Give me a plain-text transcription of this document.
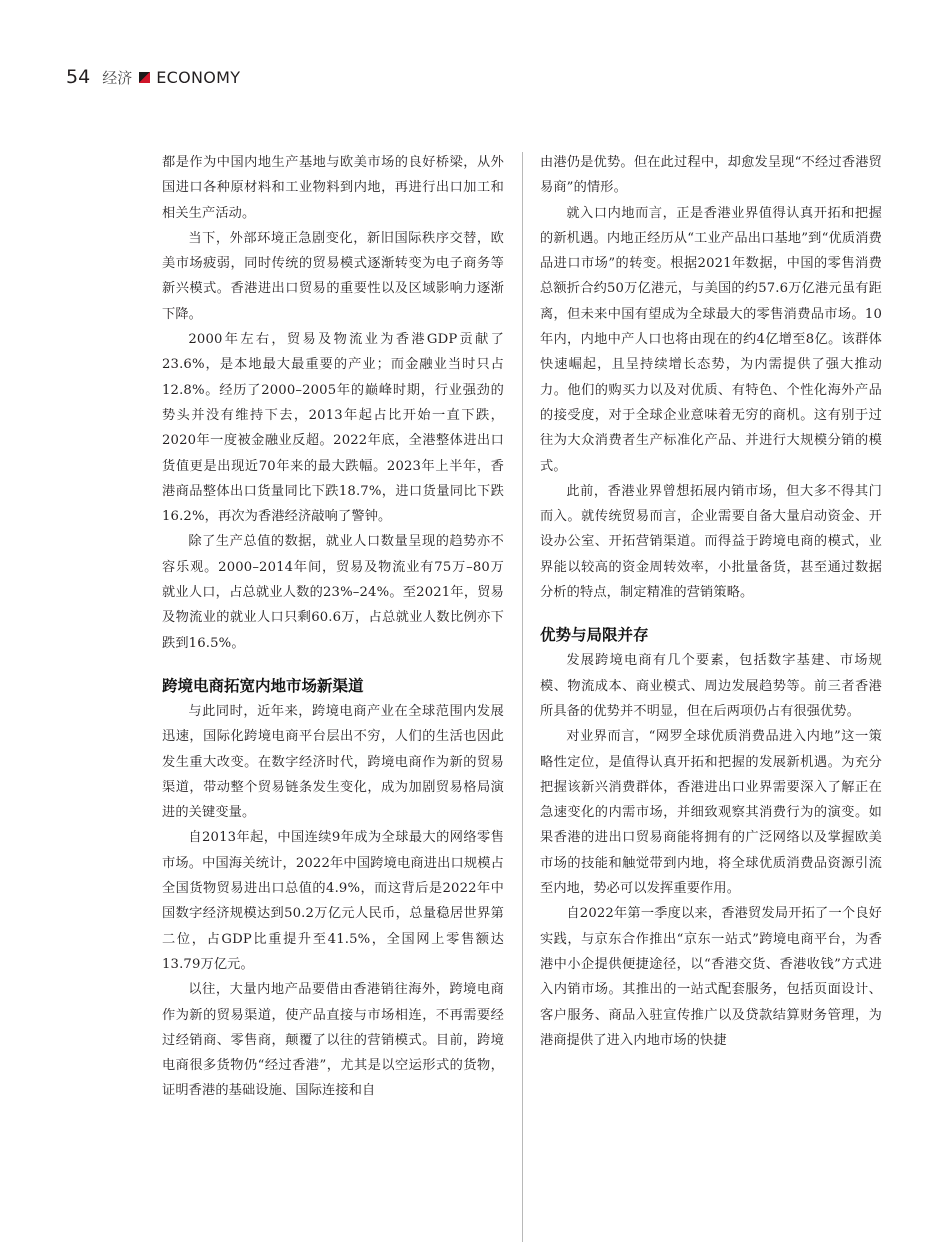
54 经济 ECONOMY

都是作为中国内地生产基地与欧美市场的良好桥梁，从外国进口各种原材料和工业物料到内地，再进行出口加工和相关生产活动。

当下，外部环境正急剧变化，新旧国际秩序交替，欧美市场疲弱，同时传统的贸易模式逐渐转变为电子商务等新兴模式。香港进出口贸易的重要性以及区域影响力逐渐下降。

2000年左右，贸易及物流业为香港GDP贡献了23.6%，是本地最大最重要的产业；而金融业当时只占12.8%。经历了2000–2005年的巅峰时期，行业强劲的势头并没有维持下去，2013年起占比开始一直下跌，2020年一度被金融业反超。2022年底，全港整体进出口货值更是出现近70年来的最大跌幅。2023年上半年，香港商品整体出口货量同比下跌18.7%，进口货量同比下跌16.2%，再次为香港经济敲响了警钟。

除了生产总值的数据，就业人口数量呈现的趋势亦不容乐观。2000–2014年间，贸易及物流业有75万–80万就业人口，占总就业人数的23%–24%。至2021年，贸易及物流业的就业人口只剩60.6万，占总就业人数比例亦下跌到16.5%。

跨境电商拓宽内地市场新渠道

与此同时，近年来，跨境电商产业在全球范围内发展迅速，国际化跨境电商平台层出不穷，人们的生活也因此发生重大改变。在数字经济时代，跨境电商作为新的贸易渠道，带动整个贸易链条发生变化，成为加剧贸易格局演进的关键变量。

自2013年起，中国连续9年成为全球最大的网络零售市场。中国海关统计，2022年中国跨境电商进出口规模占全国货物贸易进出口总值的4.9%，而这背后是2022年中国数字经济规模达到50.2万亿元人民币，总量稳居世界第二位，占GDP比重提升至41.5%，全国网上零售额达13.79万亿元。

以往，大量内地产品要借由香港销往海外，跨境电商作为新的贸易渠道，使产品直接与市场相连，不再需要经过经销商、零售商，颠覆了以往的营销模式。目前，跨境电商很多货物仍“经过香港”，尤其是以空运形式的货物，证明香港的基础设施、国际连接和自

由港仍是优势。但在此过程中，却愈发呈现“不经过香港贸易商”的情形。

就入口内地而言，正是香港业界值得认真开拓和把握的新机遇。内地正经历从“工业产品出口基地”到“优质消费品进口市场”的转变。根据2021年数据，中国的零售消费总额折合约50万亿港元，与美国的约57.6万亿港元虽有距离，但未来中国有望成为全球最大的零售消费品市场。10年内，内地中产人口也将由现在的约4亿增至8亿。该群体快速崛起，且呈持续增长态势，为内需提供了强大推动力。他们的购买力以及对优质、有特色、个性化海外产品的接受度，对于全球企业意味着无穷的商机。这有别于过往为大众消费者生产标准化产品、并进行大规模分销的模式。

此前，香港业界曾想拓展内销市场，但大多不得其门而入。就传统贸易而言，企业需要自备大量启动资金、开设办公室、开拓营销渠道。而得益于跨境电商的模式，业界能以较高的资金周转效率，小批量备货，甚至通过数据分析的特点，制定精准的营销策略。

优势与局限并存

发展跨境电商有几个要素，包括数字基建、市场规模、物流成本、商业模式、周边发展趋势等。前三者香港所具备的优势并不明显，但在后两项仍占有很强优势。

对业界而言，“网罗全球优质消费品进入内地”这一策略性定位，是值得认真开拓和把握的发展新机遇。为充分把握该新兴消费群体，香港进出口业界需要深入了解正在急速变化的内需市场，并细致观察其消费行为的演变。如果香港的进出口贸易商能将拥有的广泛网络以及掌握欧美市场的技能和触觉带到内地，将全球优质消费品资源引流至内地，势必可以发挥重要作用。

自2022年第一季度以来，香港贸发局开拓了一个良好实践，与京东合作推出“京东一站式”跨境电商平台，为香港中小企提供便捷途径，以“香港交货、香港收钱”方式进入内销市场。其推出的一站式配套服务，包括页面设计、客户服务、商品入驻宣传推广以及贷款结算财务管理，为港商提供了进入内地市场的快捷
